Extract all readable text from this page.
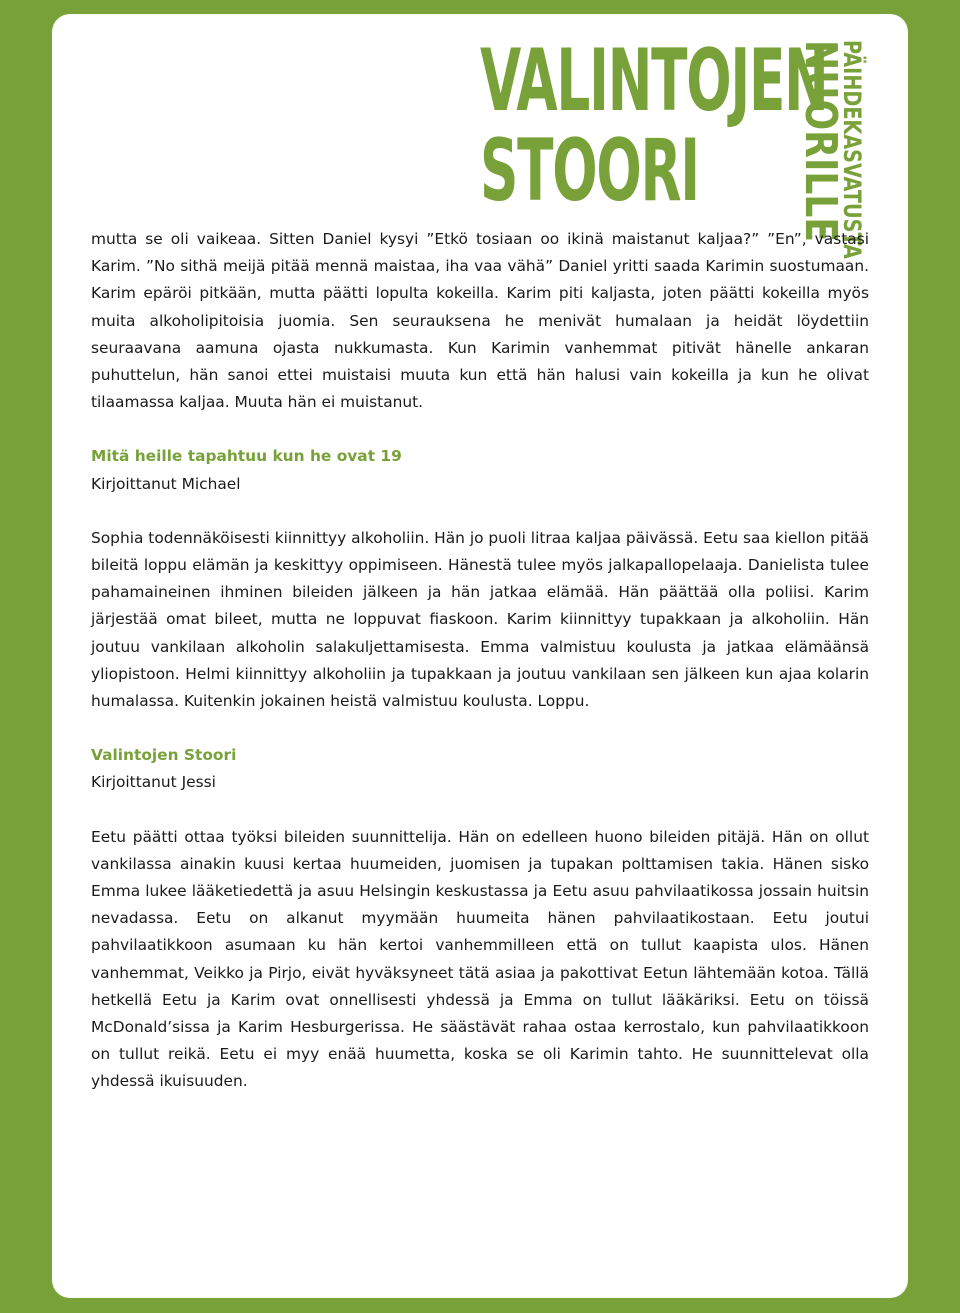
VALINTOJEN
STOORI	NUORILLE
PÄIHDEKASVATUSTA

mutta se oli vaikeaa. Sitten Daniel kysyi ”Etkö tosiaan oo ikinä maistanut kaljaa?” ”En”, vastasi Karim. ”No sithä meijä pitää mennä maistaa, iha vaa vähä” Daniel yritti saada Karimin suostumaan. Karim epäröi pitkään, mutta päätti lopulta kokeilla. Karim piti kaljasta, joten päätti kokeilla myös muita alkoholipitoisia juomia. Sen seurauksena he menivät humalaan ja heidät löydettiin seuraavana aamuna ojasta nukkumasta. Kun Karimin vanhemmat pitivät hänelle ankaran puhuttelun, hän sanoi ettei muistaisi muuta kun että hän halusi vain kokeilla ja kun he olivat tilaamassa kaljaa. Muuta hän ei muistanut.

Mitä heille tapahtuu kun he ovat 19

Kirjoittanut Michael

Sophia todennäköisesti kiinnittyy alkoholiin. Hän jo puoli litraa kaljaa päivässä. Eetu saa kiellon pitää bileitä loppu elämän ja keskittyy oppimiseen. Hänestä tulee myös jalkapallopelaaja. Danielista tulee pahamaineinen ihminen bileiden jälkeen ja hän jatkaa elämää. Hän päättää olla poliisi. Karim järjestää omat bileet, mutta ne loppuvat fiaskoon. Karim kiinnittyy tupakkaan ja alkoholiin. Hän joutuu vankilaan alkoholin salakuljettamisesta. Emma valmistuu koulusta ja jatkaa elämäänsä yliopistoon. Helmi kiinnittyy alkoholiin ja tupakkaan ja joutuu vankilaan sen jälkeen kun ajaa kolarin humalassa. Kuitenkin jokainen heistä valmistuu koulusta. Loppu.

Valintojen Stoori

Kirjoittanut Jessi

Eetu päätti ottaa työksi bileiden suunnittelija. Hän on edelleen huono bileiden pitäjä. Hän on ollut vankilassa ainakin kuusi kertaa huumeiden, juomisen ja tupakan polttamisen takia. Hänen sisko Emma lukee lääketiedettä ja asuu Helsingin keskustassa ja Eetu asuu pahvilaatikossa jossain huitsin nevadassa. Eetu on alkanut myymään huumeita hänen pahvilaatikostaan. Eetu joutui pahvilaatikkoon asumaan ku hän kertoi vanhemmilleen että on tullut kaapista ulos. Hänen vanhemmat, Veikko ja Pirjo, eivät hyväksyneet tätä asiaa ja pakottivat Eetun lähtemään kotoa. Tällä hetkellä Eetu ja Karim ovat onnellisesti yhdessä ja Emma on tullut lääkäriksi. Eetu on töissä McDonald’sissa ja Karim Hesburgerissa. He säästävät rahaa ostaa kerrostalo, kun pahvilaatikkoon on tullut reikä. Eetu ei myy enää huumetta, koska se oli Karimin tahto. He suunnittelevat olla yhdessä ikuisuuden.
